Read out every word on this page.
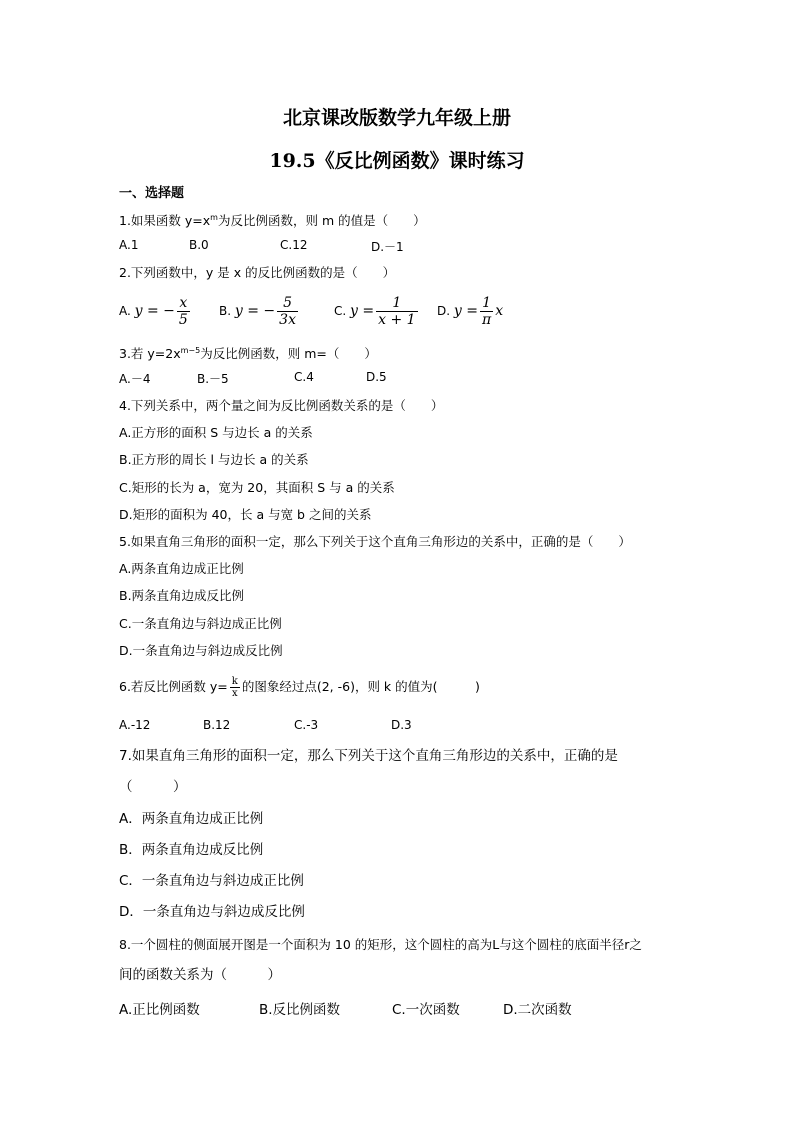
北京课改版数学九年级上册
19.5《反比例函数》课时练习
一、选择题
1.如果函数 $y=x^m$为反比例函数，则 m 的值是（　　）
A.1	B.0	C.12	D.－1
2.下列函数中，y 是 x 的反比例函数的是（　　）
A.
y = − $\frac{x}{5} B$.
y = − $\frac{5}{3x}$	C.
$y = \frac{1}{x + 1} D$.
$y = \frac{1}{\pi}$ x
3.若 $y=2x^{m-5}$为反比例函数，则 m=（　　）
A.－4	B.－5	C.4	D.5
4.下列关系中，两个量之间为反比例函数关系的是（　　）
A.正方形的面积 S 与边长 a 的关系
B.正方形的周长 l 与边长 a 的关系
C.矩形的长为 a，宽为 20，其面积 S 与 a 的关系
D.矩形的面积为 40，长 a 与宽 b 之间的关系
5.如果直角三角形的面积一定，那么下列关于这个直角三角形边的关系中，正确的是（　　）
A.两条直角边成正比例
B.两条直角边成反比例
C.一条直角边与斜边成正比例
D.一条直角边与斜边成反比例
6.若反比例函数 $y= \frac{k}{x}$ 的图象经过点(2, -6)，则 k 的值为(　　　)
A.-12	B.12	C.-3	D.3
7.如果直角三角形的面积一定，那么下列关于这个直角三角形边的关系中，正确的是
（　　　）
A．两条直角边成正比例
B．两条直角边成反比例
C．一条直角边与斜边成正比例
D．一条直角边与斜边成反比例
8.一个圆柱的侧面展开图是一个面积为 10 的矩形，这个圆柱的高为L与这个圆柱的底面半径r之
间的函数关系为（　　　）
A.正比例函数	B.反比例函数	C.一次函数	D.二次函数
